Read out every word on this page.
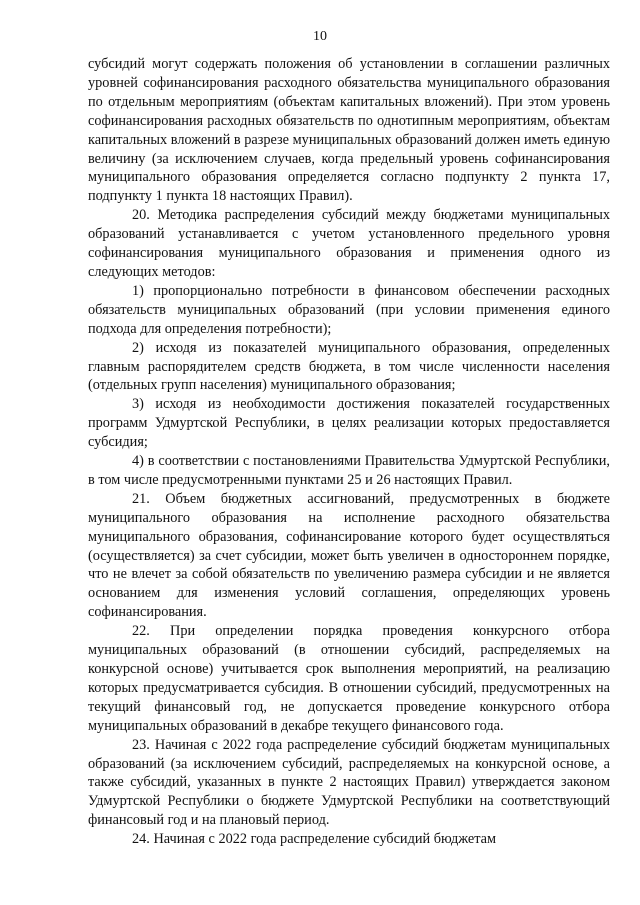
10

субсидий могут содержать положения об установлении в соглашении различных уровней софинансирования расходного обязательства муниципального образования по отдельным мероприятиям (объектам капитальных вложений). При этом уровень софинансирования расходных обязательств по однотипным мероприятиям, объектам капитальных вложений в разрезе муниципальных образований должен иметь единую величину (за исключением случаев, когда предельный уровень софинансирования муниципального образования определяется согласно подпункту 2 пункта 17, подпункту 1 пункта 18 настоящих Правил).

20. Методика распределения субсидий между бюджетами муниципальных образований устанавливается с учетом установленного предельного уровня софинансирования муниципального образования и применения одного из следующих методов:

1) пропорционально потребности в финансовом обеспечении расходных обязательств муниципальных образований (при условии применения единого подхода для определения потребности);

2) исходя из показателей муниципального образования, определенных главным распорядителем средств бюджета, в том числе численности населения (отдельных групп населения) муниципального образования;

3) исходя из необходимости достижения показателей государственных программ Удмуртской Республики, в целях реализации которых предоставляется субсидия;

4) в соответствии с постановлениями Правительства Удмуртской Республики, в том числе предусмотренными пунктами 25 и 26 настоящих Правил.

21. Объем бюджетных ассигнований, предусмотренных в бюджете муниципального образования на исполнение расходного обязательства муниципального образования, софинансирование которого будет осуществляться (осуществляется) за счет субсидии, может быть увеличен в одностороннем порядке, что не влечет за собой обязательств по увеличению размера субсидии и не является основанием для изменения условий соглашения, определяющих уровень софинансирования.

22. При определении порядка проведения конкурсного отбора муниципальных образований (в отношении субсидий, распределяемых на конкурсной основе) учитывается срок выполнения мероприятий, на реализацию которых предусматривается субсидия. В отношении субсидий, предусмотренных на текущий финансовый год, не допускается проведение конкурсного отбора муниципальных образований в декабре текущего финансового года.

23. Начиная с 2022 года распределение субсидий бюджетам муниципальных образований (за исключением субсидий, распределяемых на конкурсной основе, а также субсидий, указанных в пункте 2 настоящих Правил) утверждается законом Удмуртской Республики о бюджете Удмуртской Республики на соответствующий финансовый год и на плановый период.

24. Начиная с 2022 года распределение субсидий бюджетам
